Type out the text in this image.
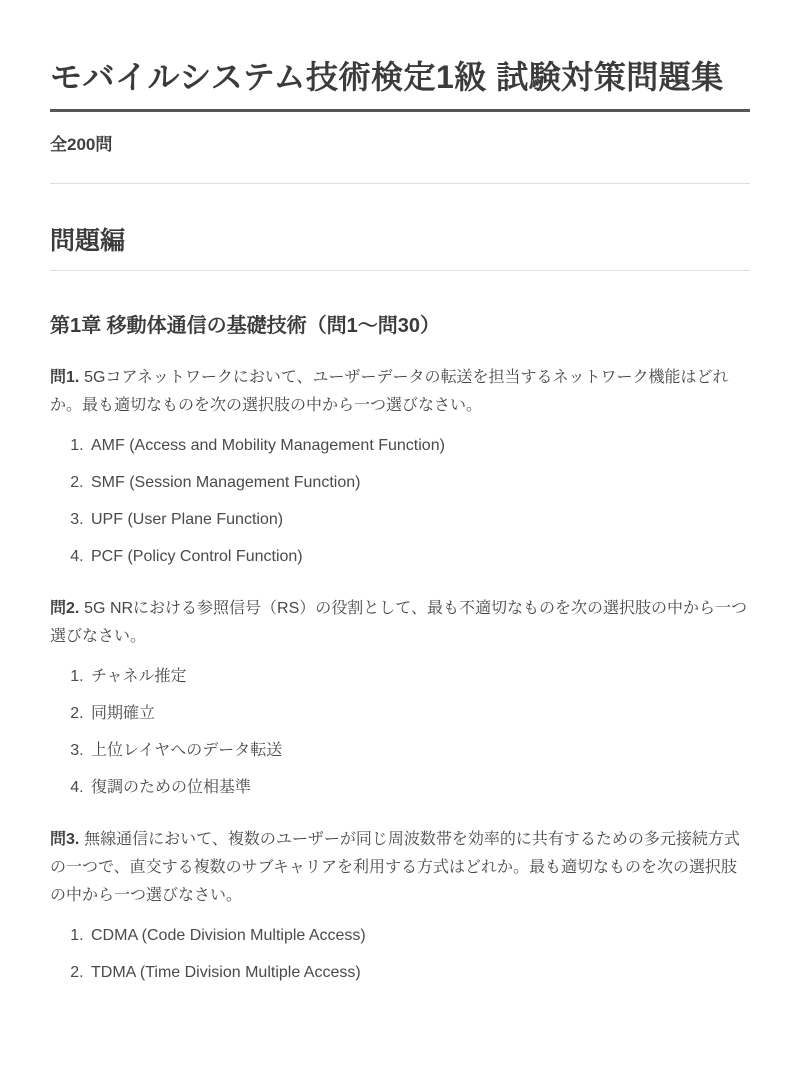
モバイルシステム技術検定1級 試験対策問題集

全200問

問題編
第1章 移動体通信の基礎技術（問1〜問30）

問1. 5Gコアネットワークにおいて、ユーザーデータの転送を担当するネットワーク機能はどれか。最も適切なものを次の選択肢の中から一つ選びなさい。

1. AMF (Access and Mobility Management Function)
2. SMF (Session Management Function)
3. UPF (User Plane Function)
4. PCF (Policy Control Function)

問2. 5G NRにおける参照信号（RS）の役割として、最も不適切なものを次の選択肢の中から一つ選びなさい。

1. チャネル推定
2. 同期確立
3. 上位レイヤへのデータ転送
4. 復調のための位相基準

問3. 無線通信において、複数のユーザーが同じ周波数帯を効率的に共有するための多元接続方式の一つで、直交する複数のサブキャリアを利用する方式はどれか。最も適切なものを次の選択肢の中から一つ選びなさい。

1. CDMA (Code Division Multiple Access)
2. TDMA (Time Division Multiple Access)
